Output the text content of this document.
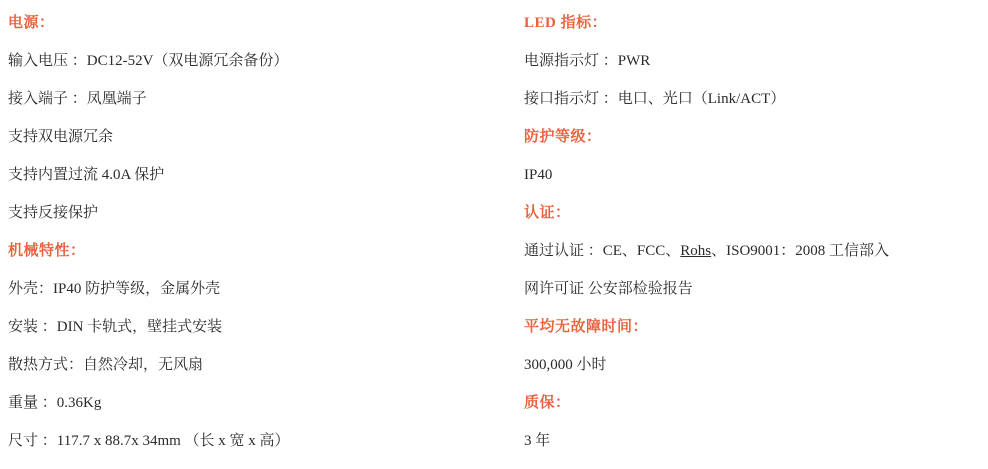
电源：
输入电压 ：DC12-52V（双电源冗余备份）
接入端子 ：凤凰端子
支持双电源冗余
支持内置过流 4.0A 保护
支持反接保护
机械特性：
外壳：IP40 防护等级，金属外壳
安装 ：DIN 卡轨式，壁挂式安装
散热方式：自然冷却，无风扇
重量 ：0.36Kg
尺寸 ：117.7 x 88.7x 34mm （长 x 宽 x 高）
LED 指标：
电源指示灯 ：PWR
接口指示灯 ：电口、光口（Link/ACT）
防护等级：
IP40
认证：
通过认证 ：CE、FCC、Rohs、ISO9001：2008 工信部入
网许可证 公安部检验报告
平均无故障时间：
300,000 小时
质保：
3 年
